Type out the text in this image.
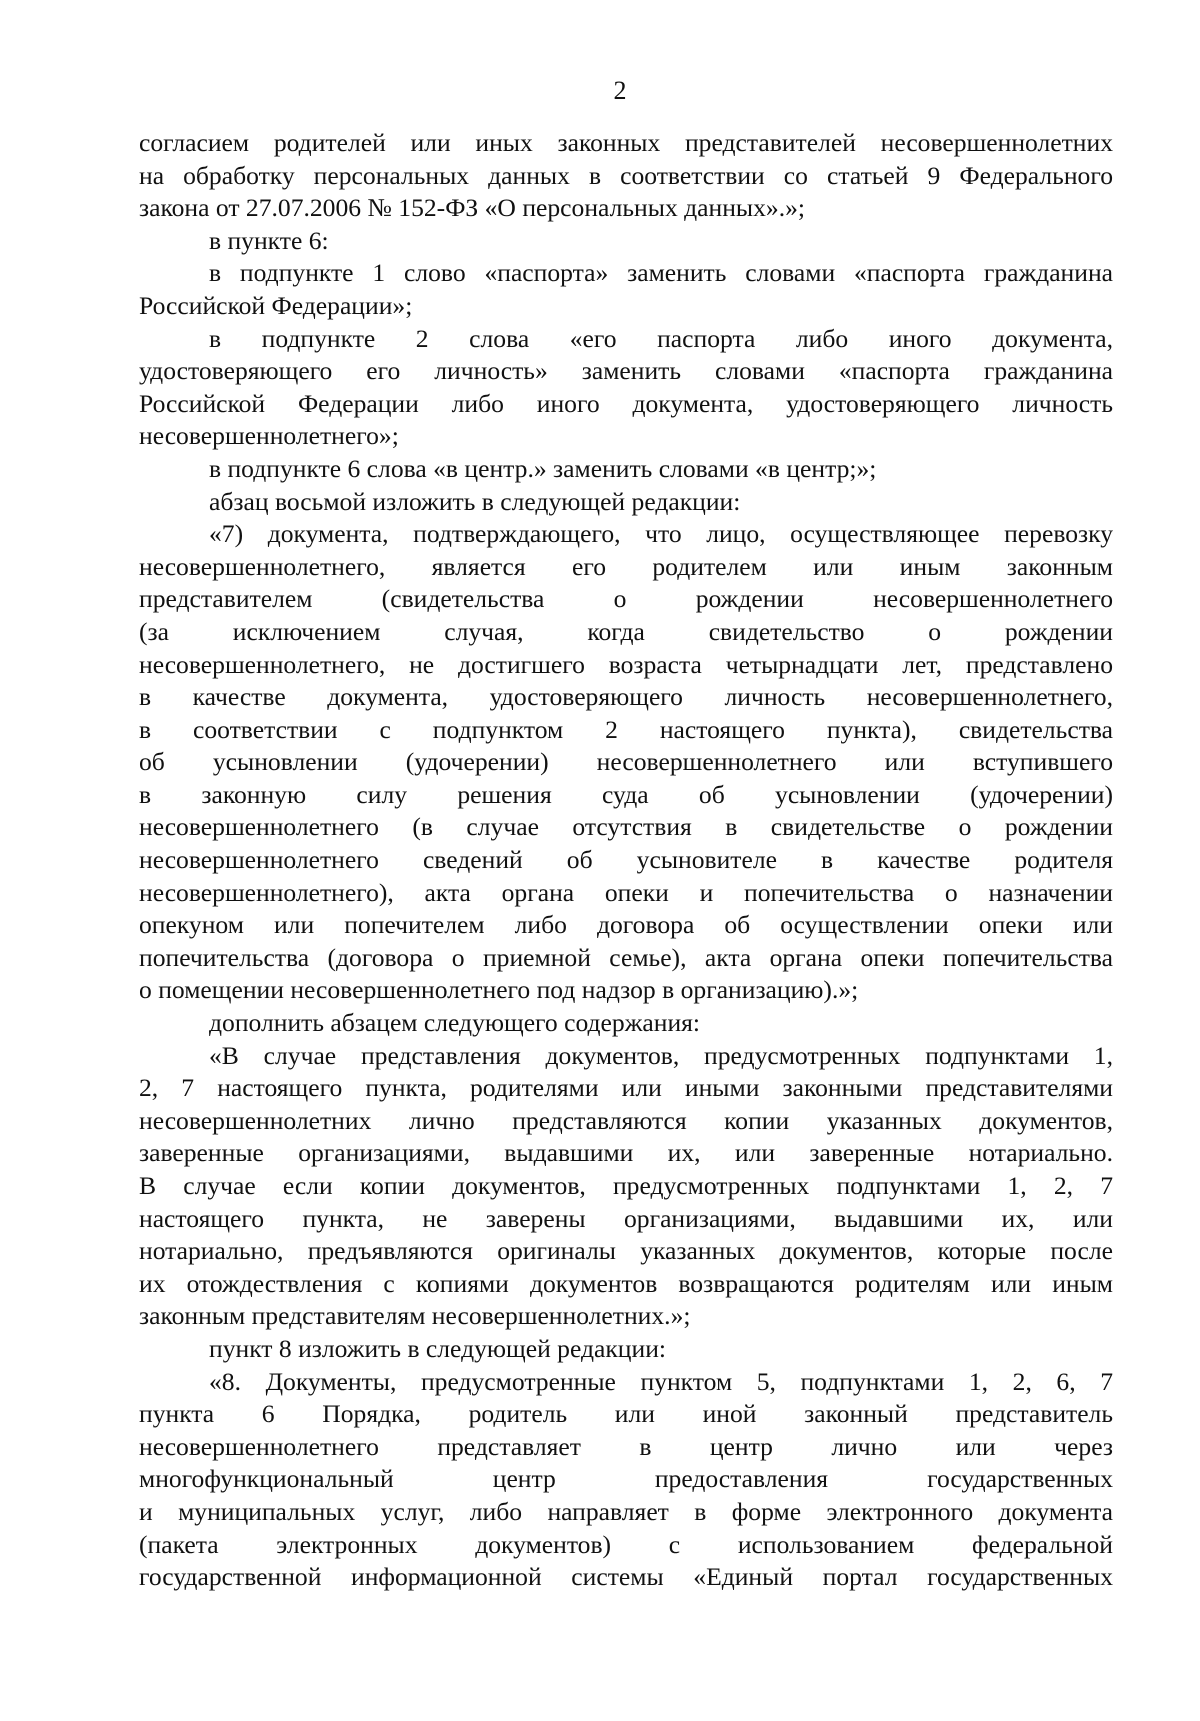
2
согласием родителей или иных законных представителей несовершеннолетних
на обработку персональных данных в соответствии со статьей 9 Федерального
закона от 27.07.2006 № 152-ФЗ «О персональных данных».»;
в пункте 6:
в подпункте 1 слово «паспорта» заменить словами «паспорта гражданина
Российской Федерации»;
в подпункте 2 слова «его паспорта либо иного документа,
удостоверяющего его личность» заменить словами «паспорта гражданина
Российской Федерации либо иного документа, удостоверяющего личность
несовершеннолетнего»;
в подпункте 6 слова «в центр.» заменить словами «в центр;»;
абзац восьмой изложить в следующей редакции:
«7) документа, подтверждающего, что лицо, осуществляющее перевозку
несовершеннолетнего, является его родителем или иным законным
представителем (свидетельства о рождении несовершеннолетнего
(за исключением случая, когда свидетельство о рождении
несовершеннолетнего, не достигшего возраста четырнадцати лет, представлено
в качестве документа, удостоверяющего личность несовершеннолетнего,
в соответствии с подпунктом 2 настоящего пункта), свидетельства
об усыновлении (удочерении) несовершеннолетнего или вступившего
в законную силу решения суда об усыновлении (удочерении)
несовершеннолетнего (в случае отсутствия в свидетельстве о рождении
несовершеннолетнего сведений об усыновителе в качестве родителя
несовершеннолетнего), акта органа опеки и попечительства о назначении
опекуном или попечителем либо договора об осуществлении опеки или
попечительства (договора о приемной семье), акта органа опеки попечительства
о помещении несовершеннолетнего под надзор в организацию).»;
дополнить абзацем следующего содержания:
«В случае представления документов, предусмотренных подпунктами 1,
2, 7 настоящего пункта, родителями или иными законными представителями
несовершеннолетних лично представляются копии указанных документов,
заверенные организациями, выдавшими их, или заверенные нотариально.
В случае если копии документов, предусмотренных подпунктами 1, 2, 7
настоящего пункта, не заверены организациями, выдавшими их, или
нотариально, предъявляются оригиналы указанных документов, которые после
их отождествления с копиями документов возвращаются родителям или иным
законным представителям несовершеннолетних.»;
пункт 8 изложить в следующей редакции:
«8. Документы, предусмотренные пунктом 5, подпунктами 1, 2, 6, 7
пункта 6 Порядка, родитель или иной законный представитель
несовершеннолетнего представляет в центр лично или через
многофункциональный центр предоставления государственных
и муниципальных услуг, либо направляет в форме электронного документа
(пакета электронных документов) с использованием федеральной
государственной информационной системы «Единый портал государственных
